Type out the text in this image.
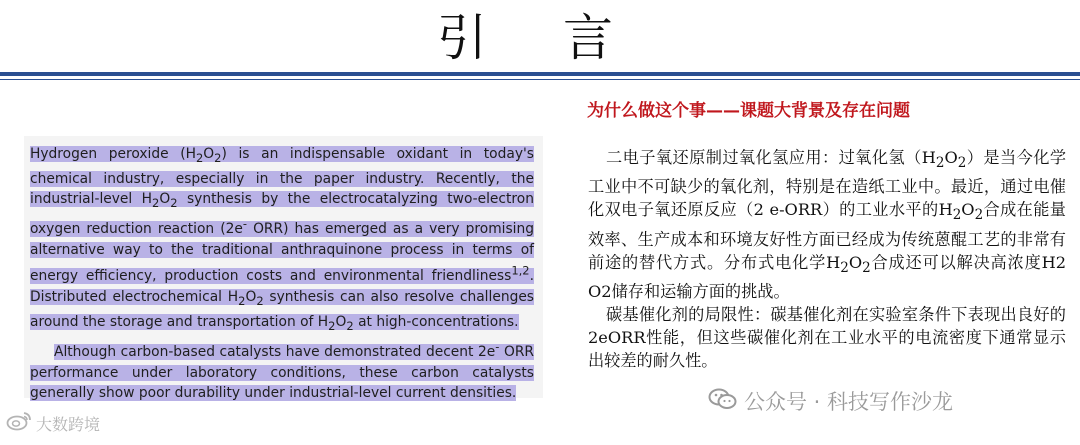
引 言

Hydrogen peroxide $(H_2O_2)$ is an indispensable oxidant in today's chemical industry, especially in the paper industry. Recently, the industrial-level $H_2O_2$ synthesis by the electrocatalyzing two-electron oxygen reduction reaction (2e- ORR) has emerged as a very promising alternative way to the traditional anthraquinone process in terms of energy efficiency, production costs and environmental friendliness$^{1,2}$. Distributed electrochemical $H_2O_2$ synthesis can also resolve challenges around the storage and transportation of $H_2O_2$ at high-concentrations.

Although carbon-based catalysts have demonstrated decent 2e- ORR performance under laboratory conditions, these carbon catalysts generally show poor durability under industrial-level current densities.

为什么做这个事——课题大背景及存在问题

二电子氧还原制过氧化氢应用：过氧化氢$(H_2O_2)$是当今化学工业中不可缺少的氧化剂，特别是在造纸工业中。最近，通过电催化双电子氧还原反应（2 e-ORR）的工业水平的$H_2O_2$合成在能量效率、生产成本和环境友好性方面已经成为传统蒽醌工艺的非常有前途的替代方式。分布式电化学$H_2O_2$合成还可以解决高浓度H2 O2储存和运输方面的挑战。

碳基催化剂的局限性：碳基催化剂在实验室条件下表现出良好的2eORR性能，但这些碳催化剂在工业水平的电流密度下通常显示出较差的耐久性。

大数跨境
公众号 · 科技写作沙龙
